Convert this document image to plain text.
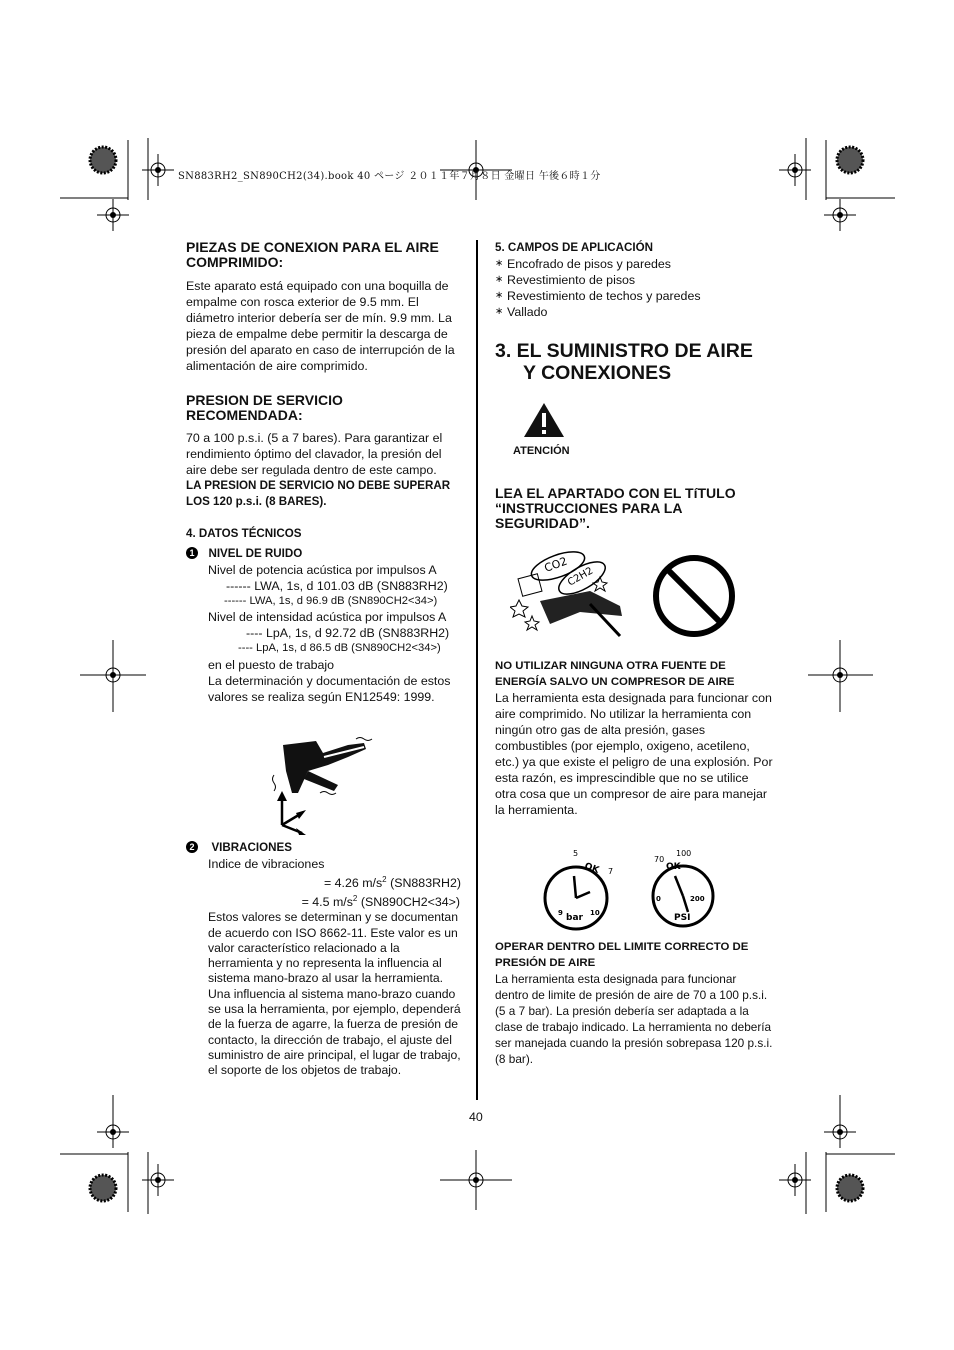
SN883RH2_SN890CH2(34).book 40 ページ ２０１１年７月８日 金曜日 午後６時１分

PIEZAS DE CONEXION PARA EL AIRE COMPRIMIDO:

Este aparato está equipado con una boquilla de empalme con rosca exterior de 9.5 mm. El diámetro interior debería ser de mín. 9.9 mm. La pieza de empalme debe permitir la descarga de presión del aparato en caso de interrupción de la alimentación de aire comprimido.

PRESION DE SERVICIO RECOMENDADA:

70 a 100 p.s.i. (5 a 7 bares). Para garantizar el rendimiento óptimo del clavador, la presión del aire debe ser regulada dentro de este campo.

LA PRESION DE SERVICIO NO DEBE SUPERAR LOS 120 p.s.i. (8 BARES).

4. DATOS TÉCNICOS

1 NIVEL DE RUIDO
Nivel de potencia acústica por impulsos A
------ LWA, 1s, d 101.03 dB (SN883RH2)
------ LWA, 1s, d 96.9 dB (SN890CH2<34>)
Nivel de intensidad acústica por impulsos A
---- LpA, 1s, d 92.72 dB (SN883RH2)
---- LpA, 1s, d 86.5 dB (SN890CH2<34>)
en el puesto de trabajo
La determinación y documentación de estos valores se realiza según EN12549: 1999.
2 VIBRACIONES
Indice de vibraciones
= 4.26 $m/s^2$ (SN883RH2)
= 4.5 $m/s^2$ (SN890CH2<34>)

Estos valores se determinan y se documentan de acuerdo con ISO 8662-11. Este valor es un valor característico relacionado a la herramienta y no representa la influencia al sistema mano-brazo al usar la herramienta. Una influencia al sistema mano-brazo cuando se usa la herramienta, por ejemplo, dependerá de la fuerza de agarre, la fuerza de presión de contacto, la dirección de trabajo, el ajuste del suministro de aire principal, el lugar de trabajo, el soporte de los objetos de trabajo.

5. CAMPOS DE APLICACIÓN

∗ Encofrado de pisos y paredes
∗ Revestimiento de pisos
∗ Revestimiento de techos y paredes
∗ Vallado
3. EL SUMINISTRO DE AIRE
Y CONEXIONES
ATENCIÓN
LEA EL APARTADO CON EL TíTULO “INSTRUCCIONES PARA LA SEGURIDAD”.
CO2
C2H2

NO UTILIZAR NINGUNA OTRA FUENTE DE ENERGÍA SALVO UN COMPRESOR DE AIRE

La herramienta esta designada para funcionar con aire comprimido. No utilizar la herramienta con ningún otro gas de alta presión, gases combustibles (por ejemplo, oxigeno, acetileno, etc.) ya que existe el peligro de una explosión. Por esta razón, es imprescindible que no se utilice otra cosa que un compresor de aire para manejar la herramienta.

5
OK 7
70
100
OK
bar
9	10	PSI
0	200

OPERAR DENTRO DEL LIMITE CORRECTO DE PRESIÓN DE AIRE

La herramienta esta designada para funcionar dentro de limite de presión de aire de 70 a 100 p.s.i. (5 a 7 bar). La presión debería ser adaptada a la clase de trabajo indicado. La herramienta no debería ser manejada cuando la presión sobrepasa 120 p.s.i. (8 bar).

40
